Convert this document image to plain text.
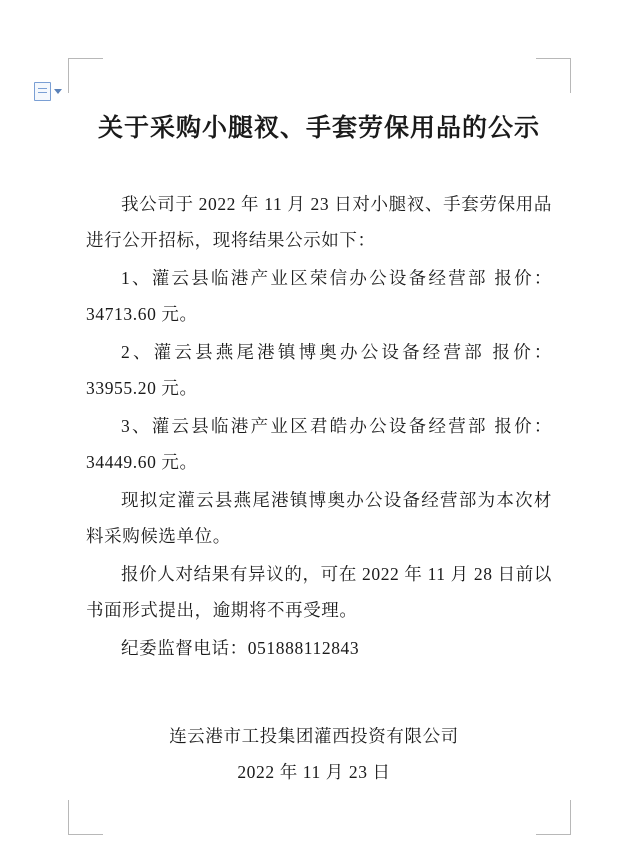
关于采购小腿衩、手套劳保用品的公示

我公司于 2022 年 11 月 23 日对小腿衩、手套劳保用品进行公开招标，现将结果公示如下：

1、灌云县临港产业区荣信办公设备经营部 报价：34713.60 元。

2、灌云县燕尾港镇博奥办公设备经营部 报价：33955.20 元。

3、灌云县临港产业区君皓办公设备经营部 报价：34449.60 元。

现拟定灌云县燕尾港镇博奥办公设备经营部为本次材料采购候选单位。

报价人对结果有异议的，可在 2022 年 11 月 28 日前以书面形式提出，逾期将不再受理。

纪委监督电话：051888112843

连云港市工投集团灌西投资有限公司

2022 年 11 月 23 日
